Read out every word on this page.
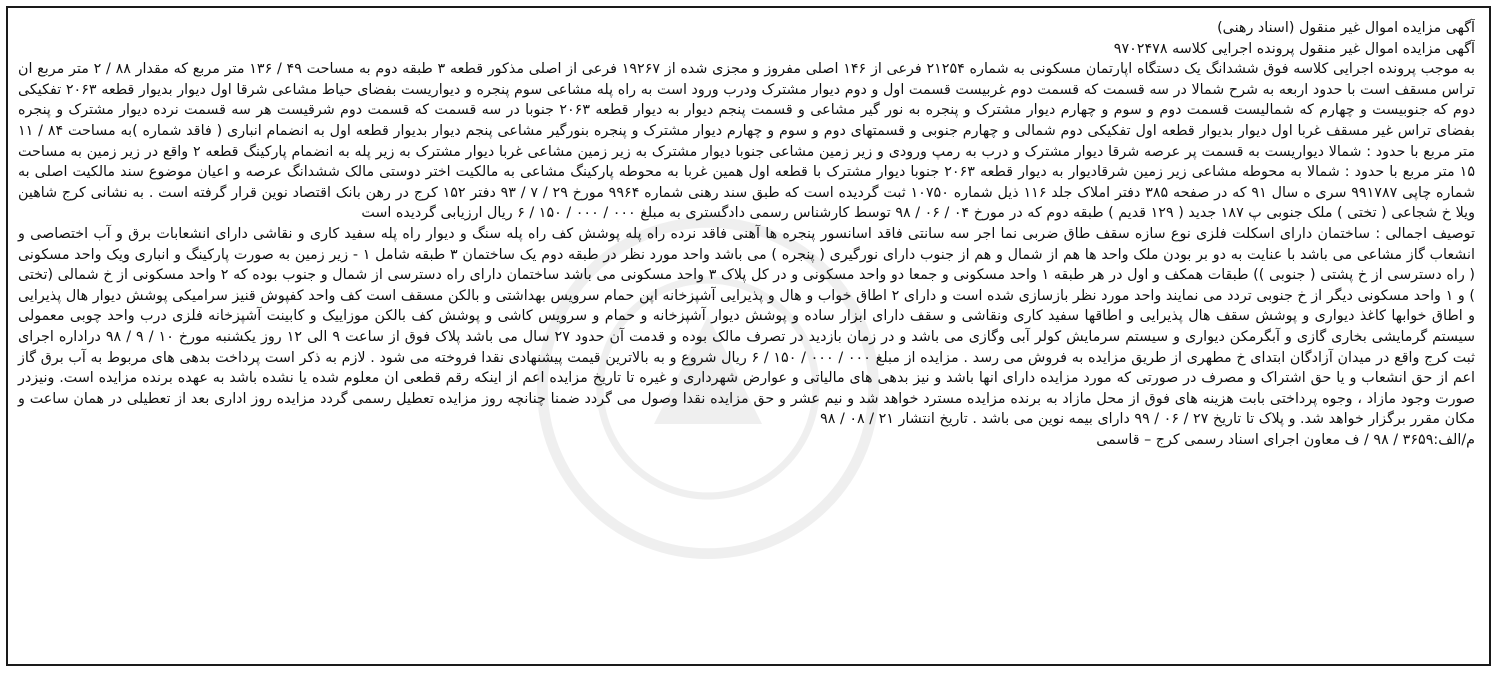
آگهی مزایده اموال غیر منقول (اسناد رهنی)
آگهی مزایده اموال غیر منقول پرونده اجرایی کلاسه ۹۷۰۲۴۷۸
به موجب پرونده اجرایی کلاسه فوق ششدانگ یک دستگاه اپارتمان مسکونی به شماره ۲۱۲۵۴ فرعی از ۱۴۶ اصلی مفروز و مجزی شده از ۱۹۲۶۷ فرعی از اصلی مذکور قطعه ۳ طبقه دوم به مساحت ۴۹ / ۱۳۶ متر مربع که مقدار ۸۸ / ۲ متر مربع ان تراس مسقف است با حدود اربعه به شرح شمالا در سه قسمت که قسمت دوم غربیست قسمت اول و دوم دیوار مشترک ودرب ورود است به راه پله مشاعی سوم پنجره و دیواریست بفضای حیاط مشاعی شرقا اول دیوار بدیوار قطعه ۲۰۶۳ تفکیکی دوم که جنوبیست و چهارم که شمالیست قسمت دوم و سوم و چهارم دیوار مشترک و پنجره به نور گیر مشاعی و قسمت پنجم دیوار به دیوار قطعه ۲۰۶۳ جنوبا در سه قسمت که قسمت دوم شرقیست هر سه قسمت نرده دیوار مشترک و پنجره بفضای تراس غیر مسقف غربا اول دیوار بدیوار قطعه اول تفکیکی دوم شمالی و چهارم جنوبی و قسمتهای دوم و سوم و چهارم دیوار مشترک و پنجره بنورگیر مشاعی پنجم دیوار بدیوار قطعه اول به انضمام انباری ( فاقد شماره )به مساحت ۸۴ / ۱۱ متر مربع با حدود : شمالا دیواریست به قسمت پر عرصه شرقا دیوار مشترک و درب به رمپ ورودی و زیر زمین مشاعی جنوبا دیوار مشترک به زیر زمین مشاعی غربا دیوار مشترک به زیر پله به انضمام پارکینگ قطعه ۲ واقع در زیر زمین به مساحت ۱۵ متر مربع با حدود : شمالا به محوطه مشاعی زیر زمین شرقادیوار به دیوار قطعه ۲۰۶۳ جنوبا دیوار مشترک با قطعه اول همین غربا به محوطه پارکینگ مشاعی به مالکیت اختر دوستی مالک ششدانگ عرصه و اعیان موضوع سند مالکیت اصلی به شماره چاپی ۹۹۱۷۸۷ سری ه سال ۹۱ که در صفحه ۳۸۵ دفتر املاک جلد ۱۱۶ ذیل شماره ۱۰۷۵۰ ثبت گردیده است که طبق سند رهنی شماره ۹۹۶۴ مورخ ۲۹ / ۷ / ۹۳ دفتر ۱۵۲ کرج در رهن بانک اقتصاد نوین قرار گرفته است . به نشانی کرج شاهین ویلا خ شجاعی ( تختی ) ملک جنوبی پ ۱۸۷ جدید ( ۱۲۹ قدیم ) طبقه دوم که در مورخ ۰۴ / ۰۶ / ۹۸ توسط کارشناس رسمی دادگستری به مبلغ ۰۰۰ / ۰۰۰ / ۱۵۰ / ۶ ریال ارزیابی گردیده است
توصیف اجمالی : ساختمان دارای اسکلت فلزی نوع سازه سقف طاق ضربی نما اجر سه سانتی فاقد اسانسور پنجره ها آهنی فاقد نرده راه پله پوشش کف راه پله سنگ و دیوار راه پله سفید کاری و نقاشی دارای انشعابات برق و آب اختصاصی و انشعاب گاز مشاعی می باشد با عنایت به دو بر بودن ملک واحد ها هم از شمال و هم از جنوب دارای نورگیری ( پنجره ) می باشد واحد مورد نظر در طبقه دوم یک ساختمان ۳ طبقه شامل ۱ - زیر زمین به صورت پارکینگ و انباری ویک واحد مسکونی ( راه دسترسی از خ پشتی ( جنوبی )) طبقات همکف و اول در هر طبقه ۱ واحد مسکونی و جمعا دو واحد مسکونی و در کل پلاک ۳ واحد مسکونی می باشد ساختمان دارای راه دسترسی از شمال و جنوب بوده که ۲ واحد مسکونی از خ شمالی (تختی ) و ۱ واحد مسکونی دیگر از خ جنوبی تردد می نمایند واحد مورد نظر بازسازی شده است و دارای ۲ اطاق خواب و هال و پذیرایی آشپزخانه اپن حمام سرویس بهداشتی و بالکن مسقف است کف واحد کفپوش قنیز سرامیکی پوشش دیوار هال پذیرایی و اطاق خوابها کاغذ دیواری و پوشش سقف هال پذیرایی و اطاقها سفید کاری ونقاشی و سقف دارای ابزار ساده و پوشش دیوار آشپزخانه و حمام و سرویس کاشی و پوشش کف بالکن موزاییک و کابینت آشپزخانه فلزی درب واحد چوبی معمولی سیستم گرمایشی بخاری گازی و آبگرمکن دیواری و سیستم سرمایش کولر آبی وگازی می باشد و در زمان بازدید در تصرف مالک بوده و قدمت آن حدود ۲۷ سال می باشد پلاک فوق از ساعت ۹ الی ۱۲ روز یکشنبه مورخ ۱۰ / ۹ / ۹۸ دراداره اجرای ثبت کرج واقع در میدان آزادگان ابتدای خ مطهری از طریق مزایده به فروش می رسد . مزایده از مبلغ ۰۰۰ / ۰۰۰ / ۱۵۰ / ۶ ریال شروع و به بالاترین قیمت پیشنهادی نقدا فروخته می شود . لازم به ذکر است پرداخت بدهی های مربوط به آب برق گاز اعم از حق انشعاب و یا حق اشتراک و مصرف در صورتی که مورد مزایده دارای انها باشد و نیز بدهی های مالیاتی و عوارض شهرداری و غیره تا تاریخ مزایده اعم از اینکه رقم قطعی ان معلوم شده یا نشده باشد به عهده برنده مزایده است. ونیزدر صورت وجود مازاد ، وجوه پرداختی بابت هزینه های فوق از محل مازاد به برنده مزایده مسترد خواهد شد و نیم عشر و حق مزایده نقدا وصول می گردد ضمنا چنانچه روز مزایده تعطیل رسمی گردد مزایده روز اداری بعد از تعطیلی در همان ساعت و مکان مقرر برگزار خواهد شد. و پلاک تا تاریخ ۲۷ / ۰۶ / ۹۹ دارای بیمه نوین می باشد . تاریخ انتشار ۲۱ / ۰۸ / ۹۸
م/الف:۳۶۵۹ / ۹۸ / ف معاون اجرای اسناد رسمی کرج – قاسمی
